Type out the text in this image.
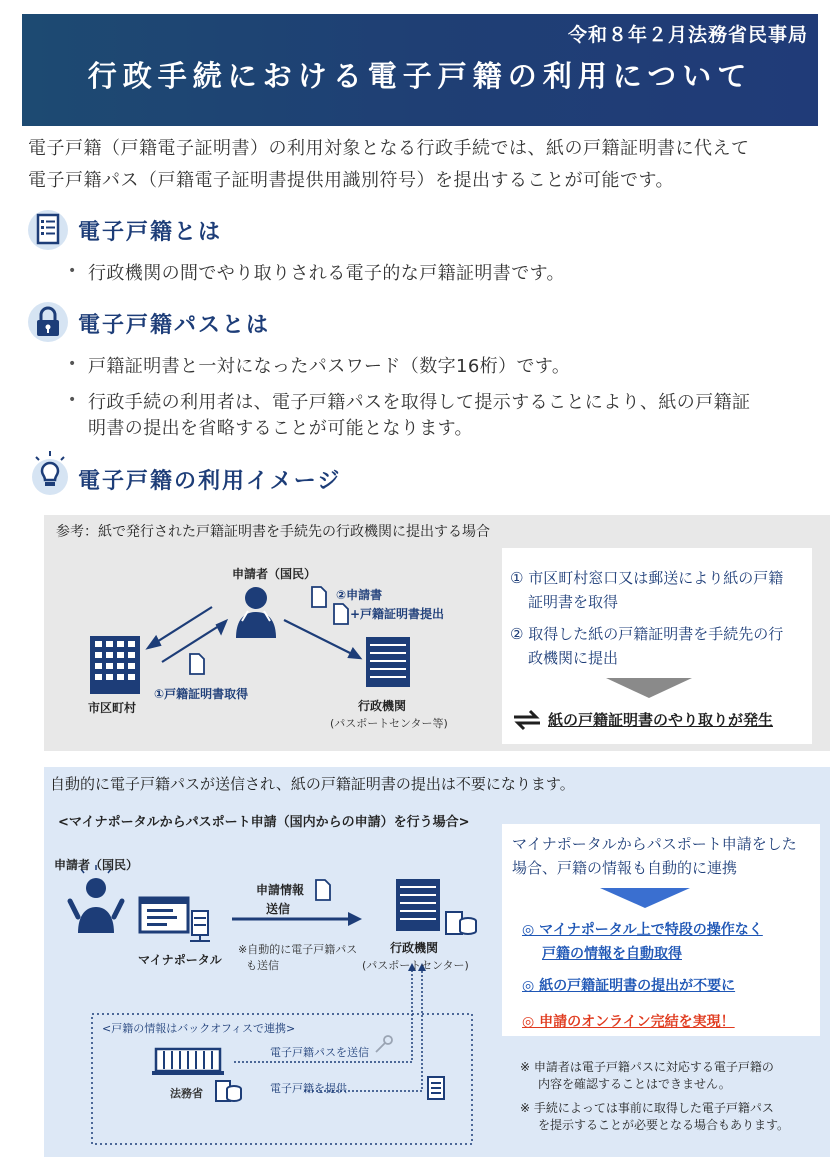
令和８年２月法務省民事局
行政手続における電子戸籍の利用について
電子戸籍（戸籍電子証明書）の利用対象となる行政手続では、紙の戸籍証明書に代えて
電子戸籍パス（戸籍電子証明書提供用識別符号）を提出することが可能です。
電子戸籍とは
• 行政機関の間でやり取りされる電子的な戸籍証明書です。
電子戸籍パスとは
• 戸籍証明書と一対になったパスワード（数字16桁）です。
• 行政手続の利用者は、電子戸籍パスを取得して提示することにより、紙の戸籍証
明書の提出を省略することが可能となります。
電子戸籍の利用イメージ
参考：紙で発行された戸籍証明書を手続先の行政機関に提出する場合
申請者（国民）
②申請書
+戸籍証明書提出
①戸籍証明書取得
市区町村	行政機関
(パスポートセンター等)
① 市区町村窓口又は郵送により紙の戸籍
証明書を取得
② 取得した紙の戸籍証明書を手続先の行
政機関に提出
紙の戸籍証明書のやり取りが発生
自動的に電子戸籍パスが送信され、紙の戸籍証明書の提出は不要になります。
<マイナポータルからパスポート申請（国内からの申請）を行う場合>
申請者（国民）
マイナポータル
申請情報
送信
※自動的に電子戸籍パス
も送信
行政機関
(パスポートセンター)
<戸籍の情報はバックオフィスで連携>
電子戸籍パスを送信
電子戸籍を提供
法務省
マイナポータルからパスポート申請をした
場合、戸籍の情報も自動的に連携
◎ マイナポータル上で特段の操作なく
戸籍の情報を自動取得
◎ 紙の戸籍証明書の提出が不要に
◎ 申請のオンライン完結を実現！
※ 申請者は電子戸籍パスに対応する電子戸籍の
内容を確認することはできません。
※ 手続によっては事前に取得した電子戸籍パス
を提示することが必要となる場合もあります。
